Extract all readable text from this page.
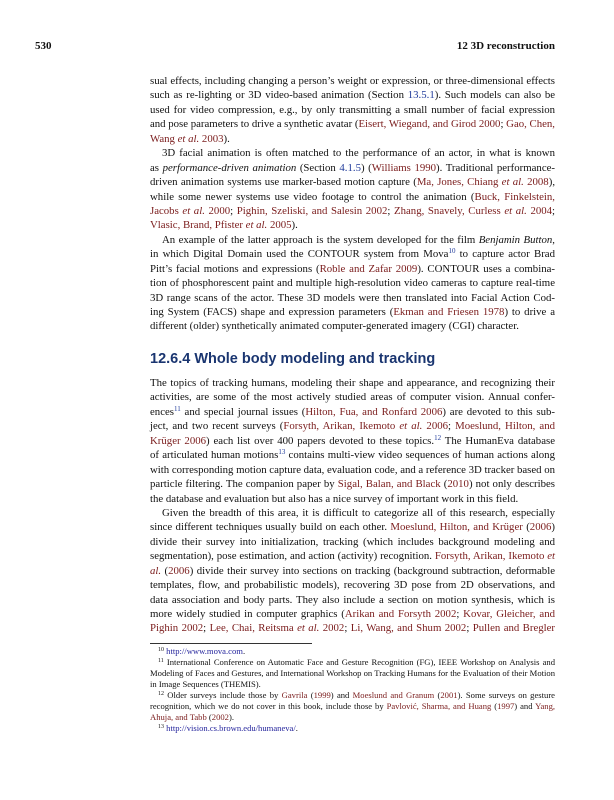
530	12 3D reconstruction
sual effects, including changing a person’s weight or expression, or three-dimensional effects
such as re-lighting or 3D video-based animation (Section 13.5.1). Such models can also be
used for video compression, e.g., by only transmitting a small number of facial expression
and pose parameters to drive a synthetic avatar (Eisert, Wiegand, and Girod 2000; Gao, Chen,
Wang et al. 2003).
3D facial animation is often matched to the performance of an actor, in what is known
as performance-driven animation (Section 4.1.5) (Williams 1990). Traditional performance-
driven animation systems use marker-based motion capture (Ma, Jones, Chiang et al. 2008),
while some newer systems use video footage to control the animation (Buck, Finkelstein,
Jacobs et al. 2000; Pighin, Szeliski, and Salesin 2002; Zhang, Snavely, Curless et al. 2004;
Vlasic, Brand, Pfister et al. 2005).
An example of the latter approach is the system developed for the film Benjamin Button,
in which Digital Domain used the CONTOUR system from Mova$^{10}$ to capture actor Brad
Pitt’s facial motions and expressions (Roble and Zafar 2009). CONTOUR uses a combina-
tion of phosphorescent paint and multiple high-resolution video cameras to capture real-time
3D range scans of the actor. These 3D models were then translated into Facial Action Cod-
ing System (FACS) shape and expression parameters (Ekman and Friesen 1978) to drive a
different (older) synthetically animated computer-generated imagery (CGI) character.
12.6.4 Whole body modeling and tracking
The topics of tracking humans, modeling their shape and appearance, and recognizing their
activities, are some of the most actively studied areas of computer vision. Annual confer-
ences$^{11}$ and special journal issues (Hilton, Fua, and Ronfard 2006) are devoted to this sub-
ject, and two recent surveys (Forsyth, Arikan, Ikemoto et al. 2006; Moeslund, Hilton, and
Krüger 2006) each list over 400 papers devoted to these topics.$^{12}$ The HumanEva database
of articulated human motions$^{13}$ contains multi-view video sequences of human actions along
with corresponding motion capture data, evaluation code, and a reference 3D tracker based on
particle filtering. The companion paper by Sigal, Balan, and Black (2010) not only describes
the database and evaluation but also has a nice survey of important work in this field.
Given the breadth of this area, it is difficult to categorize all of this research, especially
since different techniques usually build on each other. Moeslund, Hilton, and Krüger (2006)
divide their survey into initialization, tracking (which includes background modeling and
segmentation), pose estimation, and action (activity) recognition. Forsyth, Arikan, Ikemoto et
al. (2006) divide their survey into sections on tracking (background subtraction, deformable
templates, flow, and probabilistic models), recovering 3D pose from 2D observations, and
data association and body parts. They also include a section on motion synthesis, which is
more widely studied in computer graphics (Arikan and Forsyth 2002; Kovar, Gleicher, and
Pighin 2002; Lee, Chai, Reitsma et al. 2002; Li, Wang, and Shum 2002; Pullen and Bregler
$^{10}$ http://www.mova.com.
$^{11}$ International Conference on Automatic Face and Gesture Recognition (FG), IEEE Workshop on Analysis and
Modeling of Faces and Gestures, and International Workshop on Tracking Humans for the Evaluation of their Motion
in Image Sequences (THEMIS).
$^{12}$ Older surveys include those by Gavrila (1999) and Moeslund and Granum (2001). Some surveys on gesture
recognition, which we do not cover in this book, include those by Pavlović, Sharma, and Huang (1997) and Yang,
Ahuja, and Tabb (2002).
$^{13}$ http://vision.cs.brown.edu/humaneva/.
